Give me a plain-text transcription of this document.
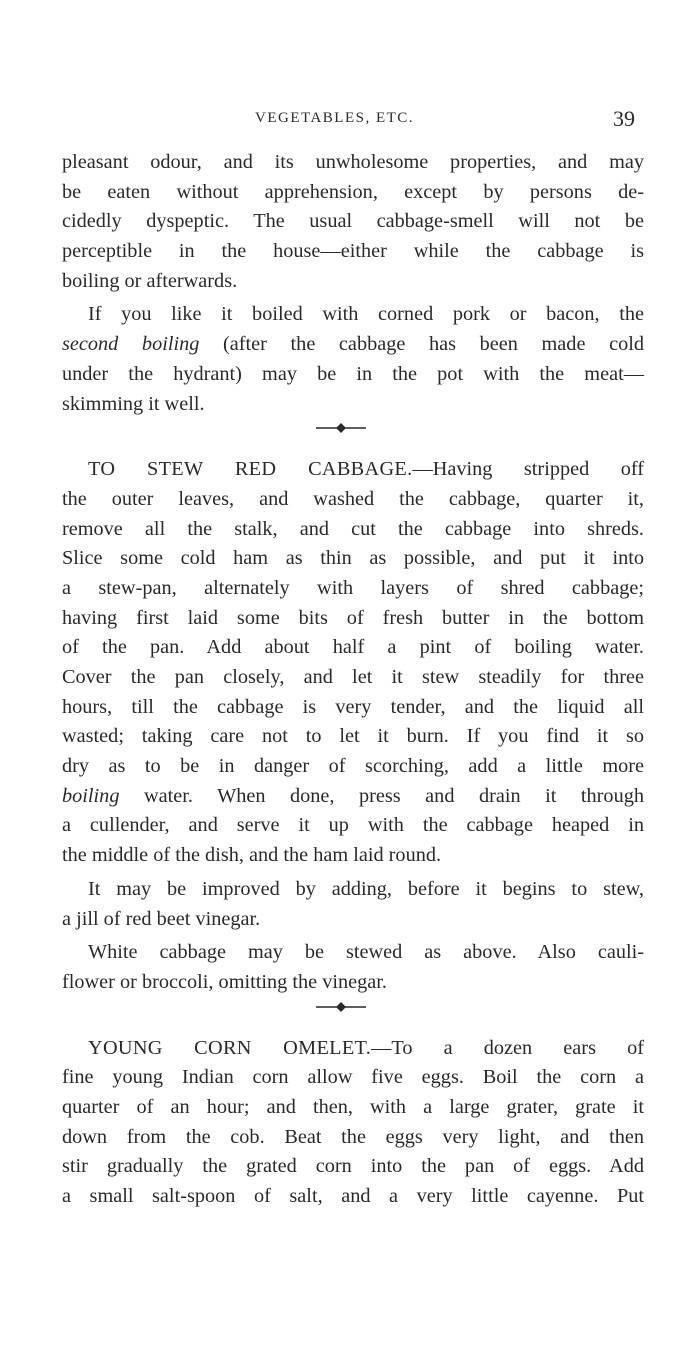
VEGETABLES, ETC.	39
pleasant odour, and its unwholesome properties, and may
be eaten without apprehension, except by persons de-
cidedly dyspeptic. The usual cabbage-smell will not be
perceptible in the house—either while the cabbage is
boiling or afterwards.
If you like it boiled with corned pork or bacon, the
second boiling (after the cabbage has been made cold
under the hydrant) may be in the pot with the meat—
skimming it well.
TO STEW RED CABBAGE.—Having stripped off
the outer leaves, and washed the cabbage, quarter it,
remove all the stalk, and cut the cabbage into shreds.
Slice some cold ham as thin as possible, and put it into
a stew-pan, alternately with layers of shred cabbage;
having first laid some bits of fresh butter in the bottom
of the pan. Add about half a pint of boiling water.
Cover the pan closely, and let it stew steadily for three
hours, till the cabbage is very tender, and the liquid all
wasted; taking care not to let it burn. If you find it so
dry as to be in danger of scorching, add a little more
boiling water. When done, press and drain it through
a cullender, and serve it up with the cabbage heaped in
the middle of the dish, and the ham laid round.
It may be improved by adding, before it begins to stew,
a jill of red beet vinegar.
White cabbage may be stewed as above. Also cauli-
flower or broccoli, omitting the vinegar.
YOUNG CORN OMELET.—To a dozen ears of
fine young Indian corn allow five eggs. Boil the corn a
quarter of an hour; and then, with a large grater, grate it
down from the cob. Beat the eggs very light, and then
stir gradually the grated corn into the pan of eggs. Add
a small salt-spoon of salt, and a very little cayenne. Put
